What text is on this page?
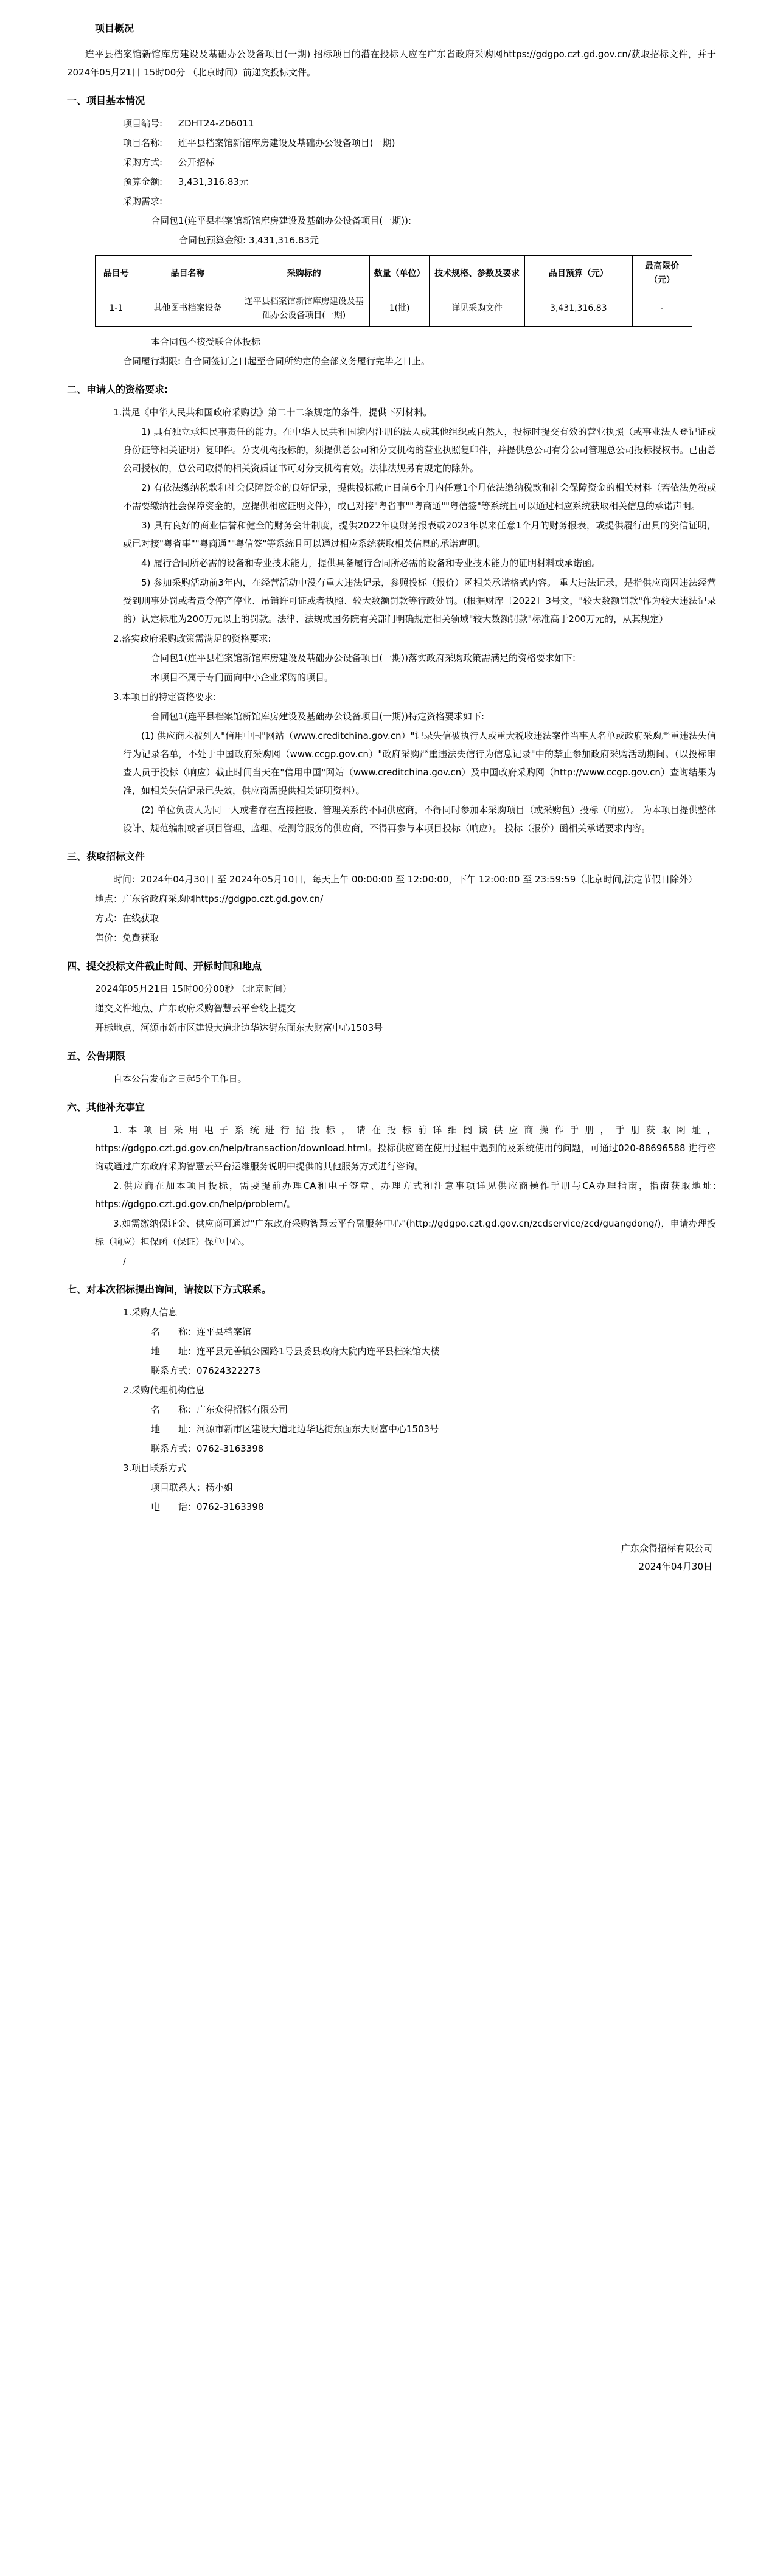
项目概况

连平县档案馆新馆库房建设及基础办公设备项目(一期) 招标项目的潜在投标人应在广东省政府采购网https://gdgpo.czt.gd.gov.cn/获取招标文件，并于 2024年05月21日 15时00分 （北京时间）前递交投标文件。

一、项目基本情况
项目编号: ZDHT24-Z06011
项目名称: 连平县档案馆新馆库房建设及基础办公设备项目(一期)
采购方式: 公开招标
预算金额: 3,431,316.83元
采购需求:
合同包1(连平县档案馆新馆库房建设及基础办公设备项目(一期)):
合同包预算金额: 3,431,316.83元
品目号	品目名称	采购标的	数量（单位）	技术规格、参数及要求	品目预算（元）	最高限价（元）
1-1	其他图书档案设备	连平县档案馆新馆库房建设及基础办公设备项目(一期)	1(批)	详见采购文件	3,431,316.83	-
本合同包不接受联合体投标
合同履行期限: 自合同签订之日起至合同所约定的全部义务履行完毕之日止。
二、申请人的资格要求:
1.满足《中华人民共和国政府采购法》第二十二条规定的条件，提供下列材料。
1) 具有独立承担民事责任的能力。在中华人民共和国境内注册的法人或其他组织或自然人，投标时提交有效的营业执照（或事业法人登记证或身份证等相关证明）复印件。分支机构投标的，须提供总公司和分支机构的营业执照复印件，并提供总公司有分公司管理总公司投标授权书。已由总公司授权的，总公司取得的相关资质证书可对分支机构有效。法律法规另有规定的除外。
2) 有依法缴纳税款和社会保障资金的良好记录，提供投标截止日前6个月内任意1个月依法缴纳税款和社会保障资金的相关材料（若依法免税或不需要缴纳社会保障资金的，应提供相应证明文件），或已对接"粤省事""粤商通""粤信签"等系统且可以通过相应系统获取相关信息的承诺声明。
3) 具有良好的商业信誉和健全的财务会计制度，提供2022年度财务报表或2023年以来任意1个月的财务报表，或提供履行出具的资信证明，或已对接"粤省事""粤商通""粤信签"等系统且可以通过相应系统获取相关信息的承诺声明。
4) 履行合同所必需的设备和专业技术能力，提供具备履行合同所必需的设备和专业技术能力的证明材料或承诺函。
5) 参加采购活动前3年内，在经营活动中没有重大违法记录，参照投标（报价）函相关承诺格式内容。 重大违法记录，是指供应商因违法经营受到刑事处罚或者责令停产停业、吊销许可证或者执照、较大数额罚款等行政处罚。(根据财库〔2022〕3号文，"较大数额罚款"作为较大违法记录的）认定标准为200万元以上的罚款。法律、法规或国务院有关部门明确规定相关领域"较大数额罚款"标准高于200万元的，从其规定）
2.落实政府采购政策需满足的资格要求:
合同包1(连平县档案馆新馆库房建设及基础办公设备项目(一期))落实政府采购政策需满足的资格要求如下:
本项目不属于专门面向中小企业采购的项目。
3.本项目的特定资格要求:
合同包1(连平县档案馆新馆库房建设及基础办公设备项目(一期))特定资格要求如下:
(1) 供应商未被列入"信用中国"网站（www.creditchina.gov.cn）"记录失信被执行人或重大税收违法案件当事人名单或政府采购严重违法失信行为记录名单，不处于中国政府采购网（www.ccgp.gov.cn）"政府采购严重违法失信行为信息记录"中的禁止参加政府采购活动期间。（以投标审查人员于投标（响应）截止时间当天在"信用中国"网站（www.creditchina.gov.cn）及中国政府采购网（http://www.ccgp.gov.cn）查询结果为准，如相关失信记录已失效，供应商需提供相关证明资料）。
(2) 单位负责人为同一人或者存在直接控股、管理关系的不同供应商，不得同时参加本采购项目（或采购包）投标（响应）。 为本项目提供整体设计、规范编制或者项目管理、监理、检测等服务的供应商，不得再参与本项目投标（响应）。 投标（报价）函相关承诺要求内容。
三、获取招标文件
时间：2024年04月30日 至 2024年05月10日，每天上午 00:00:00 至 12:00:00，下午 12:00:00 至 23:59:59（北京时间,法定节假日除外）
地点：广东省政府采购网https://gdgpo.czt.gd.gov.cn/
方式：在线获取
售价：免费获取
四、提交投标文件截止时间、开标时间和地点
2024年05月21日 15时00分00秒 （北京时间）
递交文件地点、广东政府采购智慧云平台线上提交
开标地点、河源市新市区建设大道北边华达街东面东大财富中心1503号
五、公告期限
自本公告发布之日起5个工作日。
六、其他补充事宜
1.本项目采用电子系统进行招投标，请在投标前详细阅读供应商操作手册，手册获取网址，https://gdgpo.czt.gd.gov.cn/help/transaction/download.html。投标供应商在使用过程中遇到的及系统使用的问题，可通过020-88696588 进行咨询或通过广东政府采购智慧云平台运维服务说明中提供的其他服务方式进行咨询。
2.供应商在加本项目投标，需要提前办理CA和电子签章、办理方式和注意事项详见供应商操作手册与CA办理指南，指南获取地址: https://gdgpo.czt.gd.gov.cn/help/problem/。
3.如需缴纳保证金、供应商可通过"广东政府采购智慧云平台融服务中心"(http://gdgpo.czt.gd.gov.cn/zcdservice/zcd/guangdong/)，申请办理投标（响应）担保函（保证）保单中心。
/
七、对本次招标提出询问，请按以下方式联系。
1.采购人信息
名　　称：连平县档案馆
地　　址：连平县元善镇公园路1号县委县政府大院内连平县档案馆大楼
联系方式：07624322273
2.采购代理机构信息
名　　称：广东众得招标有限公司
地　　址：河源市新市区建设大道北边华达街东面东大财富中心1503号
联系方式：0762-3163398
3.项目联系方式
项目联系人：杨小姐
电　　话：0762-3163398
广东众得招标有限公司
2024年04月30日
